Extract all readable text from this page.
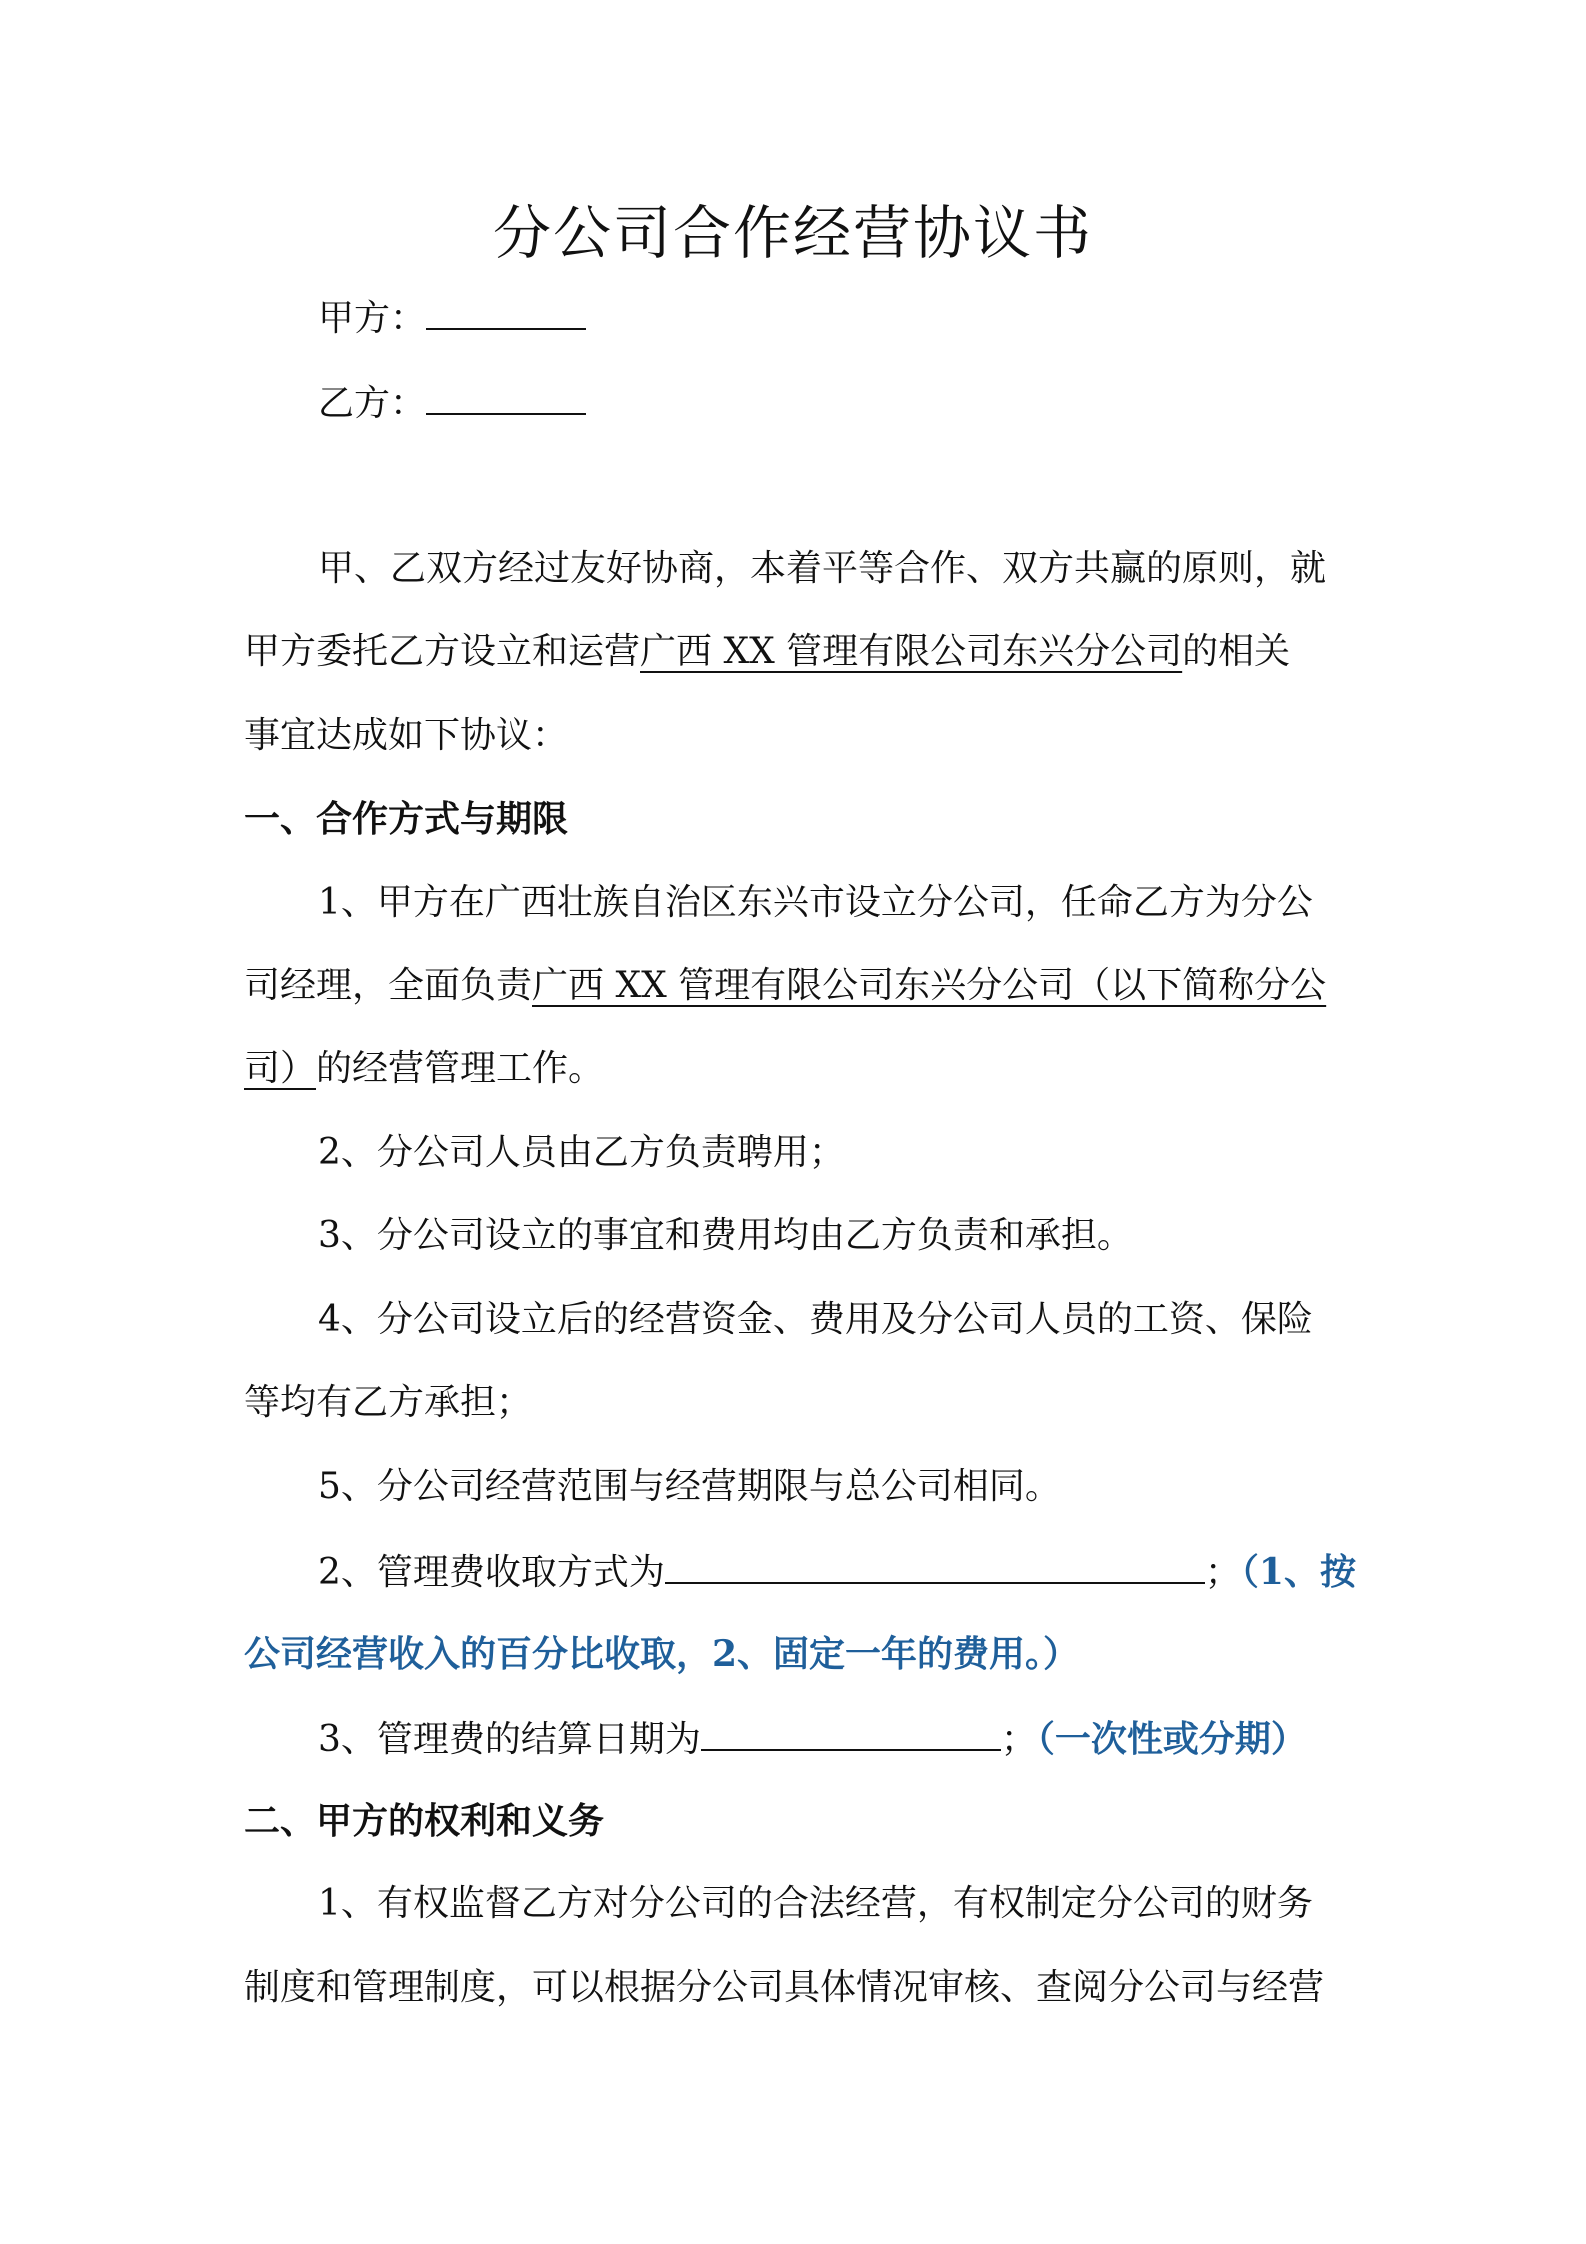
分公司合作经营协议书
甲方：
乙方：
甲、乙双方经过友好协商，本着平等合作、双方共赢的原则，就
甲方委托乙方设立和运营广西 XX 管理有限公司东兴分公司的相关
事宜达成如下协议：
一、合作方式与期限
1、甲方在广西壮族自治区东兴市设立分公司，任命乙方为分公
司经理，全面负责广西 XX 管理有限公司东兴分公司（以下简称分公
司）的经营管理工作。
2、分公司人员由乙方负责聘用；
3、分公司设立的事宜和费用均由乙方负责和承担。
4、分公司设立后的经营资金、费用及分公司人员的工资、保险
等均有乙方承担；
5、分公司经营范围与经营期限与总公司相同。
2、管理费收取方式为	；（1、按
公司经营收入的百分比收取，2、固定一年的费用。）
3、管理费的结算日期为	；（一次性或分期）
二、甲方的权利和义务
1、有权监督乙方对分公司的合法经营，有权制定分公司的财务
制度和管理制度，可以根据分公司具体情况审核、查阅分公司与经营
